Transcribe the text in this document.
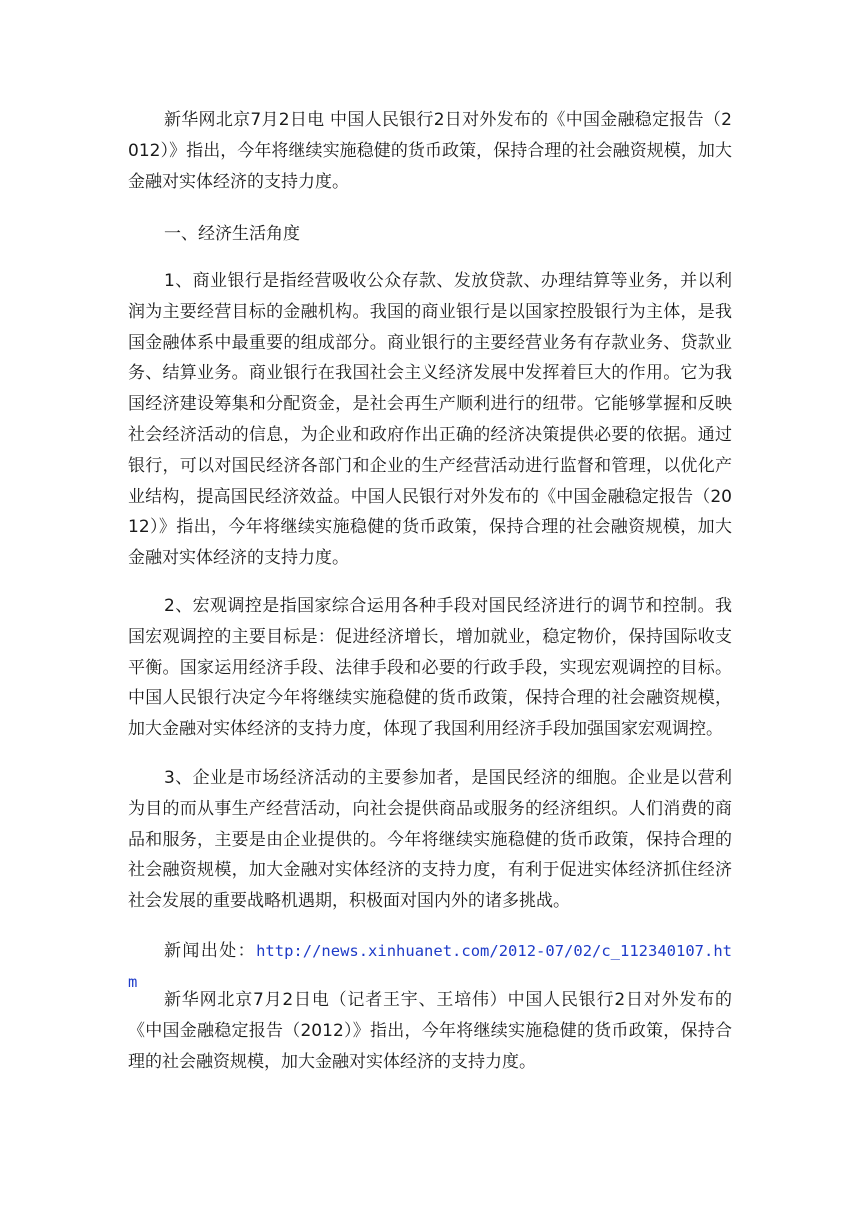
新华网北京7月2日电 中国人民银行2日对外发布的《中国金融稳定报告（2012）》指出，今年将继续实施稳健的货币政策，保持合理的社会融资规模，加大金融对实体经济的支持力度。

一、经济生活角度

1、商业银行是指经营吸收公众存款、发放贷款、办理结算等业务，并以利润为主要经营目标的金融机构。我国的商业银行是以国家控股银行为主体，是我国金融体系中最重要的组成部分。商业银行的主要经营业务有存款业务、贷款业务、结算业务。商业银行在我国社会主义经济发展中发挥着巨大的作用。它为我国经济建设筹集和分配资金，是社会再生产顺利进行的纽带。它能够掌握和反映社会经济活动的信息，为企业和政府作出正确的经济决策提供必要的依据。通过银行，可以对国民经济各部门和企业的生产经营活动进行监督和管理，以优化产业结构，提高国民经济效益。中国人民银行对外发布的《中国金融稳定报告（2012）》指出，今年将继续实施稳健的货币政策，保持合理的社会融资规模，加大金融对实体经济的支持力度。

2、宏观调控是指国家综合运用各种手段对国民经济进行的调节和控制。我国宏观调控的主要目标是：促进经济增长，增加就业，稳定物价，保持国际收支平衡。国家运用经济手段、法律手段和必要的行政手段，实现宏观调控的目标。中国人民银行决定今年将继续实施稳健的货币政策，保持合理的社会融资规模，加大金融对实体经济的支持力度，体现了我国利用经济手段加强国家宏观调控。

3、企业是市场经济活动的主要参加者，是国民经济的细胞。企业是以营利为目的而从事生产经营活动，向社会提供商品或服务的经济组织。人们消费的商品和服务，主要是由企业提供的。今年将继续实施稳健的货币政策，保持合理的社会融资规模，加大金融对实体经济的支持力度，有利于促进实体经济抓住经济社会发展的重要战略机遇期，积极面对国内外的诸多挑战。

新闻出处：http://news.xinhuanet.com/2012-07/02/c_112340107.htm

新华网北京7月2日电（记者王宇、王培伟）中国人民银行2日对外发布的《中国金融稳定报告（2012）》指出，今年将继续实施稳健的货币政策，保持合理的社会融资规模，加大金融对实体经济的支持力度。
